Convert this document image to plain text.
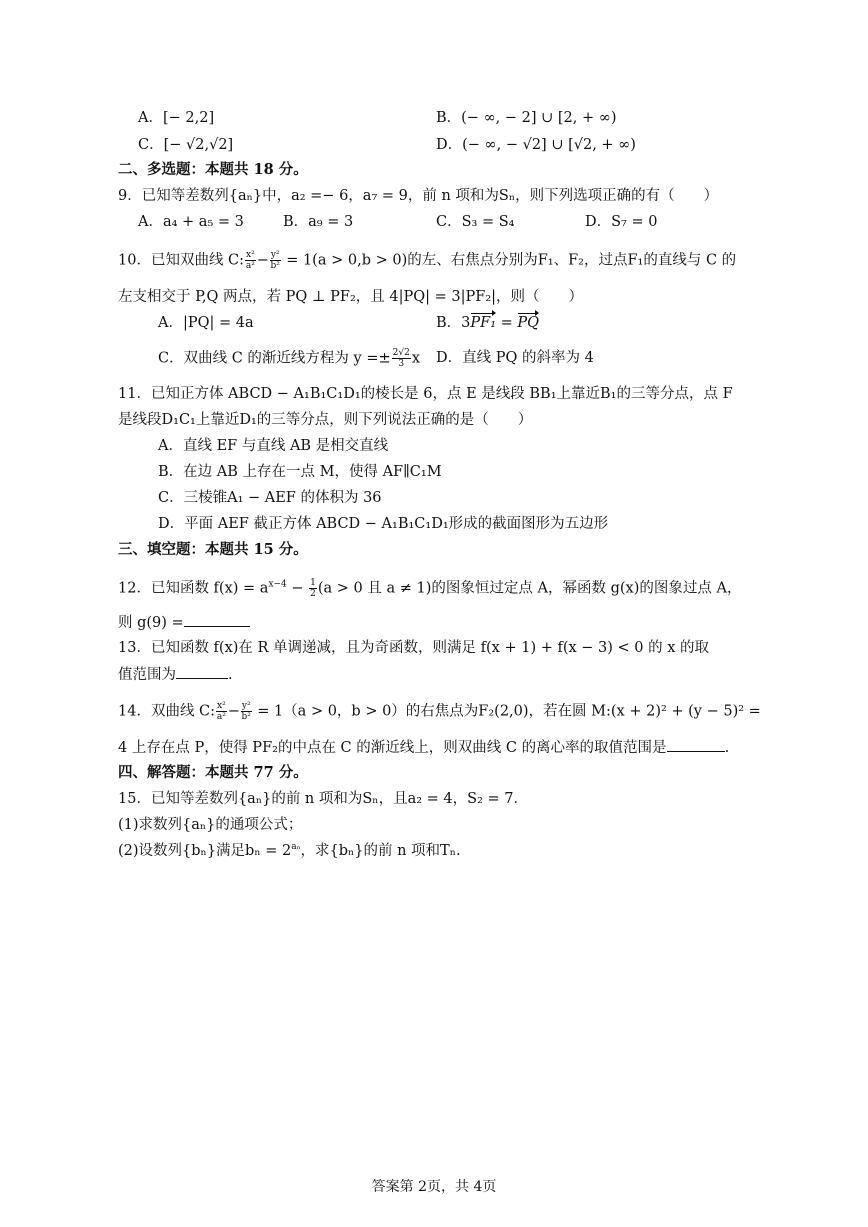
A．[− 2,2]	B．(− ∞, − 2] ∪ [2, + ∞)
C．[− √2,√2]	D．(− ∞, − √2] ∪ [√2, + ∞)
二、多选题：本题共 18 分。
9．已知等差数列{aₙ}中，a₂ =− 6，a₇ = 9，前 n 项和为Sₙ，则下列选项正确的有（　　）
A．a₄ + a₅ = 3	B．a₉ = 3	C．S₃ = S₄	D．S₇ = 0
10．已知双曲线 C: $\frac{\text{x²}}{\text{a²}} - \frac{\text{y²}}{\text{b²}} = 1(a > 0,b > 0)$的左、右焦点分别为F₁、F₂，过点F₁的直线与 C 的
左支相交于 P,Q 两点，若 PQ ⊥ PF₂，且 4|PQ| = 3|PF₂|，则（　　）
A．|PQ| = 4a	B．3PF₁ = PQ
C．双曲线 C 的渐近线方程为 $y =\pm \frac{2√2}{3}$ x D．直线 PQ 的斜率为 4
11．已知正方体 ABCD − A₁B₁C₁D₁的棱长是 6，点 E 是线段 BB₁上靠近B₁的三等分点，点 F
是线段D₁C₁上靠近D₁的三等分点，则下列说法正确的是（　　）
A．直线 EF 与直线 AB 是相交直线
B．在边 AB 上存在一点 M，使得 AF∥C₁M
C．三棱锥A₁ − AEF 的体积为 36
D．平面 AEF 截正方体 ABCD − A₁B₁C₁D₁形成的截面图形为五边形
三、填空题：本题共 15 分。
12．已知函数 $f(x) = a^{x-4} - \frac{1}{2} (a > 0$ 且 a ≠ 1)的图象恒过定点 A，幂函数 g(x)的图象过点 A，
则 g(9) =
13．已知函数 f(x)在 R 单调递减，且为奇函数，则满足 f(x + 1) + f(x − 3) < 0 的 x 的取
值范围为	.
14．双曲线 C: $\frac{\text{x²}}{\text{a²}} - \frac{\text{y²}}{\text{b²}} = 1(a > 0$，b > 0）的右焦点为F₂(2,0)，若在圆 M:(x + 2)² + (y − 5)² =
4 上存在点 P，使得 PF₂的中点在 C 的渐近线上，则双曲线 C 的离心率的取值范围是	.
四、解答题：本题共 77 分。
15．已知等差数列{aₙ}的前 n 项和为Sₙ，且a₂ = 4，S₂ = 7．
(1)求数列{aₙ}的通项公式；
(2)设数列{bₙ}满足$b_n = 2^{a_n}$，求{bₙ}的前 n 项和Tₙ.
答案第 2页，共 4页
